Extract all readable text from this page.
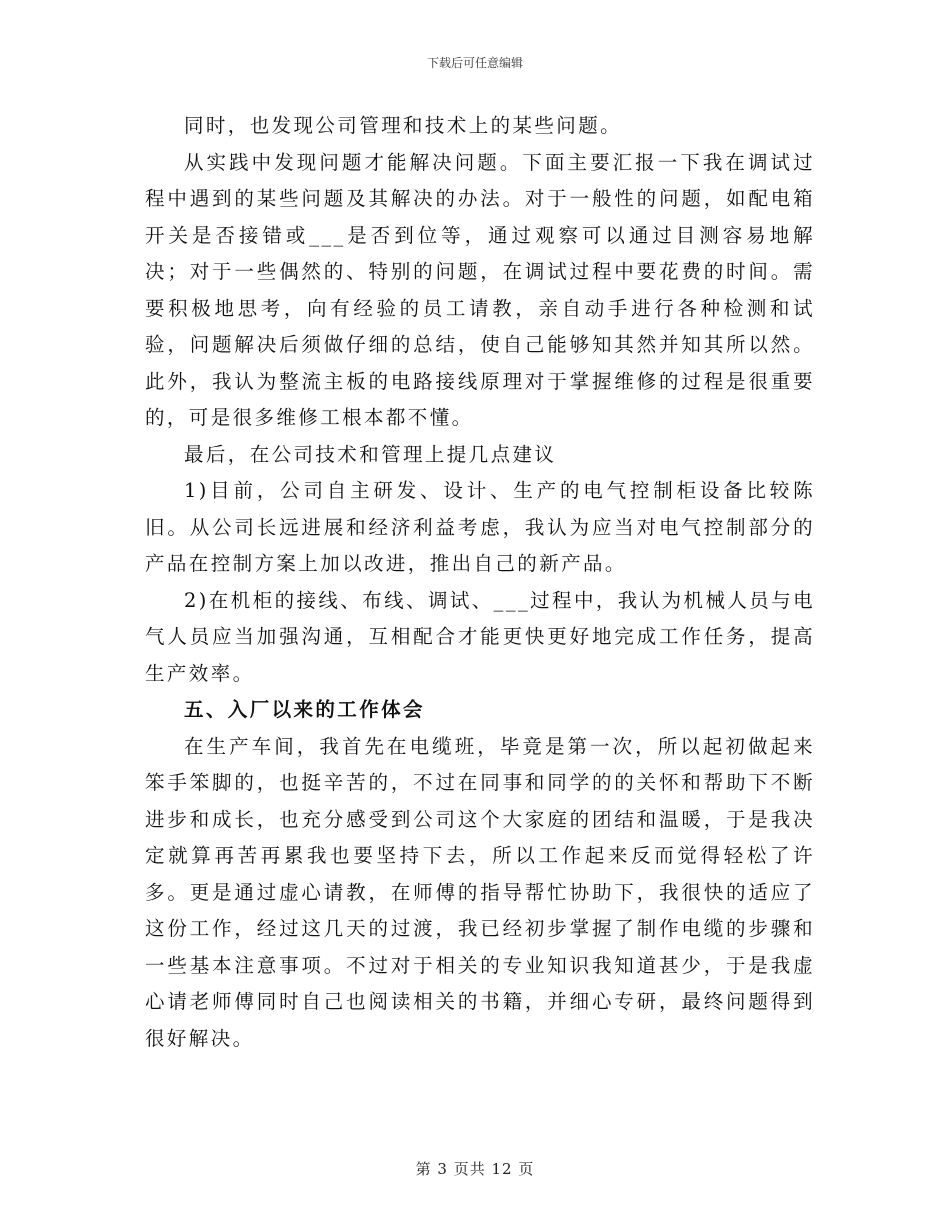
下载后可任意编辑

同时，也发现公司管理和技术上的某些问题。

从实践中发现问题才能解决问题。下面主要汇报一下我在调试过程中遇到的某些问题及其解决的办法。对于一般性的问题，如配电箱开关是否接错或___是否到位等，通过观察可以通过目测容易地解决；对于一些偶然的、特别的问题，在调试过程中要花费的时间。需要积极地思考，向有经验的员工请教，亲自动手进行各种检测和试验，问题解决后须做仔细的总结，使自己能够知其然并知其所以然。此外，我认为整流主板的电路接线原理对于掌握维修的过程是很重要的，可是很多维修工根本都不懂。

最后，在公司技术和管理上提几点建议

1)目前，公司自主研发、设计、生产的电气控制柜设备比较陈旧。从公司长远进展和经济利益考虑，我认为应当对电气控制部分的产品在控制方案上加以改进，推出自己的新产品。

2)在机柜的接线、布线、调试、___过程中，我认为机械人员与电气人员应当加强沟通，互相配合才能更快更好地完成工作任务，提高生产效率。

五、入厂以来的工作体会

在生产车间，我首先在电缆班，毕竟是第一次，所以起初做起来笨手笨脚的，也挺辛苦的，不过在同事和同学的的关怀和帮助下不断进步和成长，也充分感受到公司这个大家庭的团结和温暖，于是我决定就算再苦再累我也要坚持下去，所以工作起来反而觉得轻松了许多。更是通过虚心请教，在师傅的指导帮忙协助下，我很快的适应了这份工作，经过这几天的过渡，我已经初步掌握了制作电缆的步骤和一些基本注意事项。不过对于相关的专业知识我知道甚少，于是我虚心请老师傅同时自己也阅读相关的书籍，并细心专研，最终问题得到很好解决。

第 3 页共 12 页
